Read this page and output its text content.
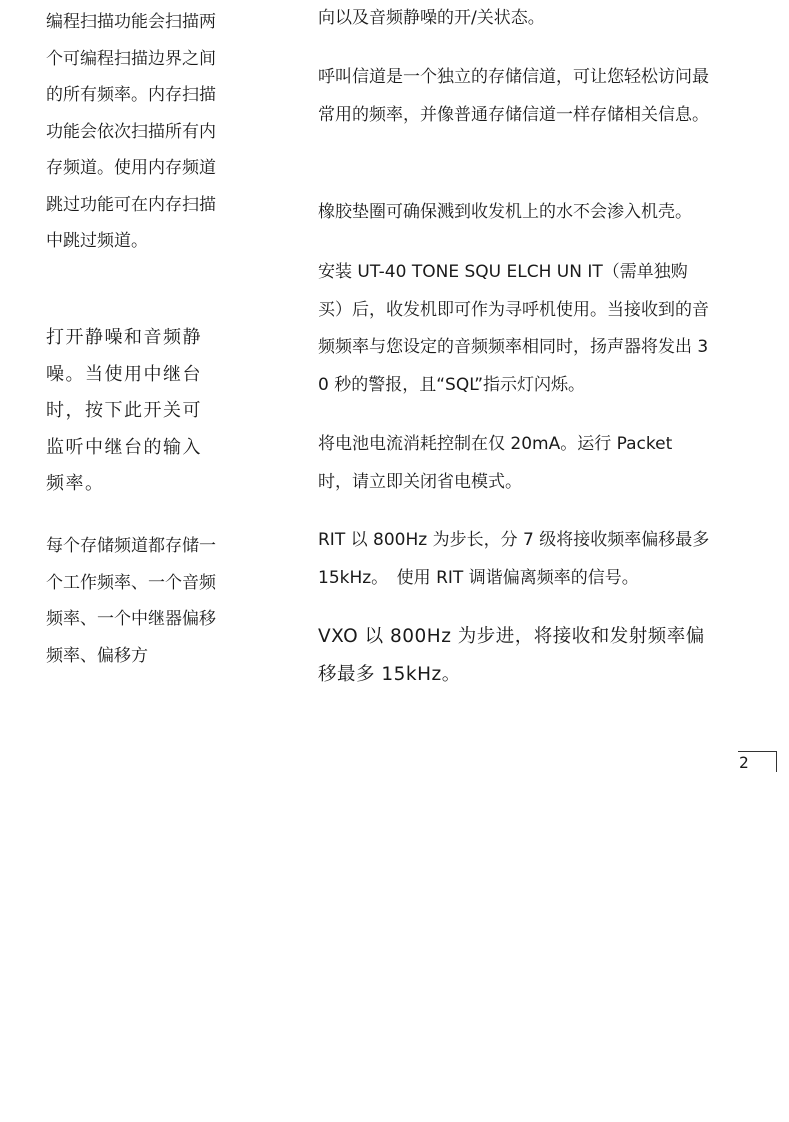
编程扫描功能会扫描两个可编程扫描边界之间的所有频率。内存扫描功能会依次扫描所有内存频道。使用内存频道跳过功能可在内存扫描中跳过频道。

打开静噪和音频静噪。当使用中继台时，按下此开关可监听中继台的输入频率。

每个存储频道都存储一个工作频率、一个音频频率、一个中继器偏移频率、偏移方

向以及音频静噪的开/关状态。

呼叫信道是一个独立的存储信道，可让您轻松访问最常用的频率，并像普通存储信道一样存储相关信息。

橡胶垫圈可确保溅到收发机上的水不会渗入机壳。

安装 UT-40 TONE SQU ELCH UN IT（需单独购买）后，收发机即可作为寻呼机使用。当接收到的音频频率与您设定的音频频率相同时，扬声器将发出 30 秒的警报，且“SQL”指示灯闪烁。

将电池电流消耗控制在仅 20mA。运行 Packet 时，请立即关闭省电模式。

RIT 以 800Hz 为步长，分 7 级将接收频率偏移最多 15kHz。　使用 RIT 调谐偏离频率的信号。

VXO 以 800Hz 为步进，将接收和发射频率偏移最多 15kHz。

2
